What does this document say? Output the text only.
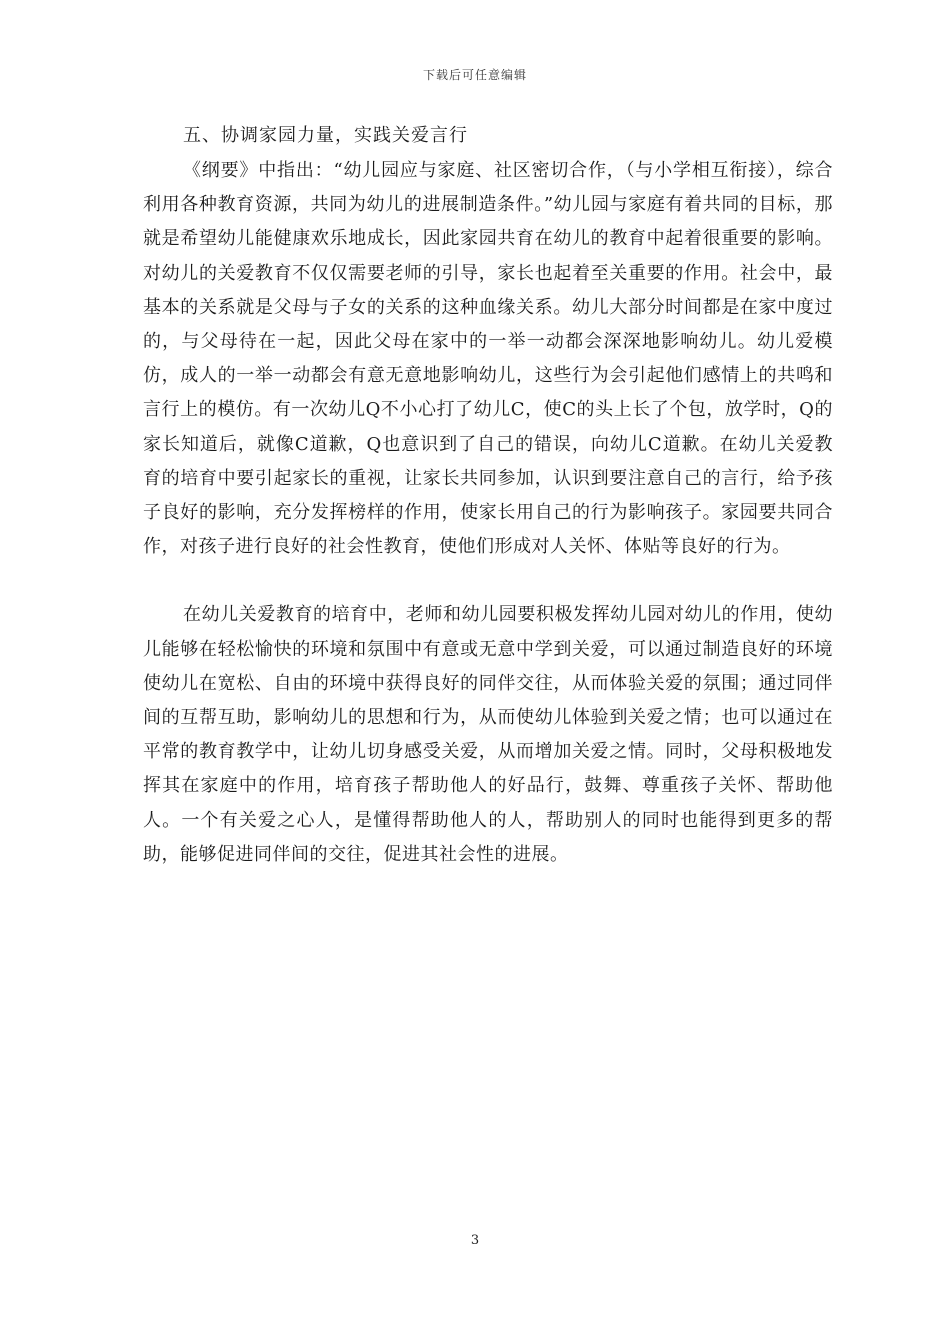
下载后可任意编辑

五、协调家园力量，实践关爱言行

《纲要》中指出：“幼儿园应与家庭、社区密切合作，（与小学相互衔接），综合利用各种教育资源，共同为幼儿的进展制造条件。”幼儿园与家庭有着共同的目标，那就是希望幼儿能健康欢乐地成长，因此家园共育在幼儿的教育中起着很重要的影响。对幼儿的关爱教育不仅仅需要老师的引导，家长也起着至关重要的作用。社会中，最基本的关系就是父母与子女的关系的这种血缘关系。幼儿大部分时间都是在家中度过的，与父母待在一起，因此父母在家中的一举一动都会深深地影响幼儿。幼儿爱模仿，成人的一举一动都会有意无意地影响幼儿，这些行为会引起他们感情上的共鸣和言行上的模仿。有一次幼儿Q不小心打了幼儿C，使C的头上长了个包，放学时，Q的家长知道后，就像C道歉，Q也意识到了自己的错误，向幼儿C道歉。在幼儿关爱教育的培育中要引起家长的重视，让家长共同参加，认识到要注意自己的言行，给予孩子良好的影响，充分发挥榜样的作用，使家长用自己的行为影响孩子。家园要共同合作，对孩子进行良好的社会性教育，使他们形成对人关怀、体贴等良好的行为。

在幼儿关爱教育的培育中，老师和幼儿园要积极发挥幼儿园对幼儿的作用，使幼儿能够在轻松愉快的环境和氛围中有意或无意中学到关爱，可以通过制造良好的环境使幼儿在宽松、自由的环境中获得良好的同伴交往，从而体验关爱的氛围；通过同伴间的互帮互助，影响幼儿的思想和行为，从而使幼儿体验到关爱之情；也可以通过在平常的教育教学中，让幼儿切身感受关爱，从而增加关爱之情。同时，父母积极地发挥其在家庭中的作用，培育孩子帮助他人的好品行，鼓舞、尊重孩子关怀、帮助他人。一个有关爱之心人，是懂得帮助他人的人，帮助别人的同时也能得到更多的帮助，能够促进同伴间的交往，促进其社会性的进展。

3
